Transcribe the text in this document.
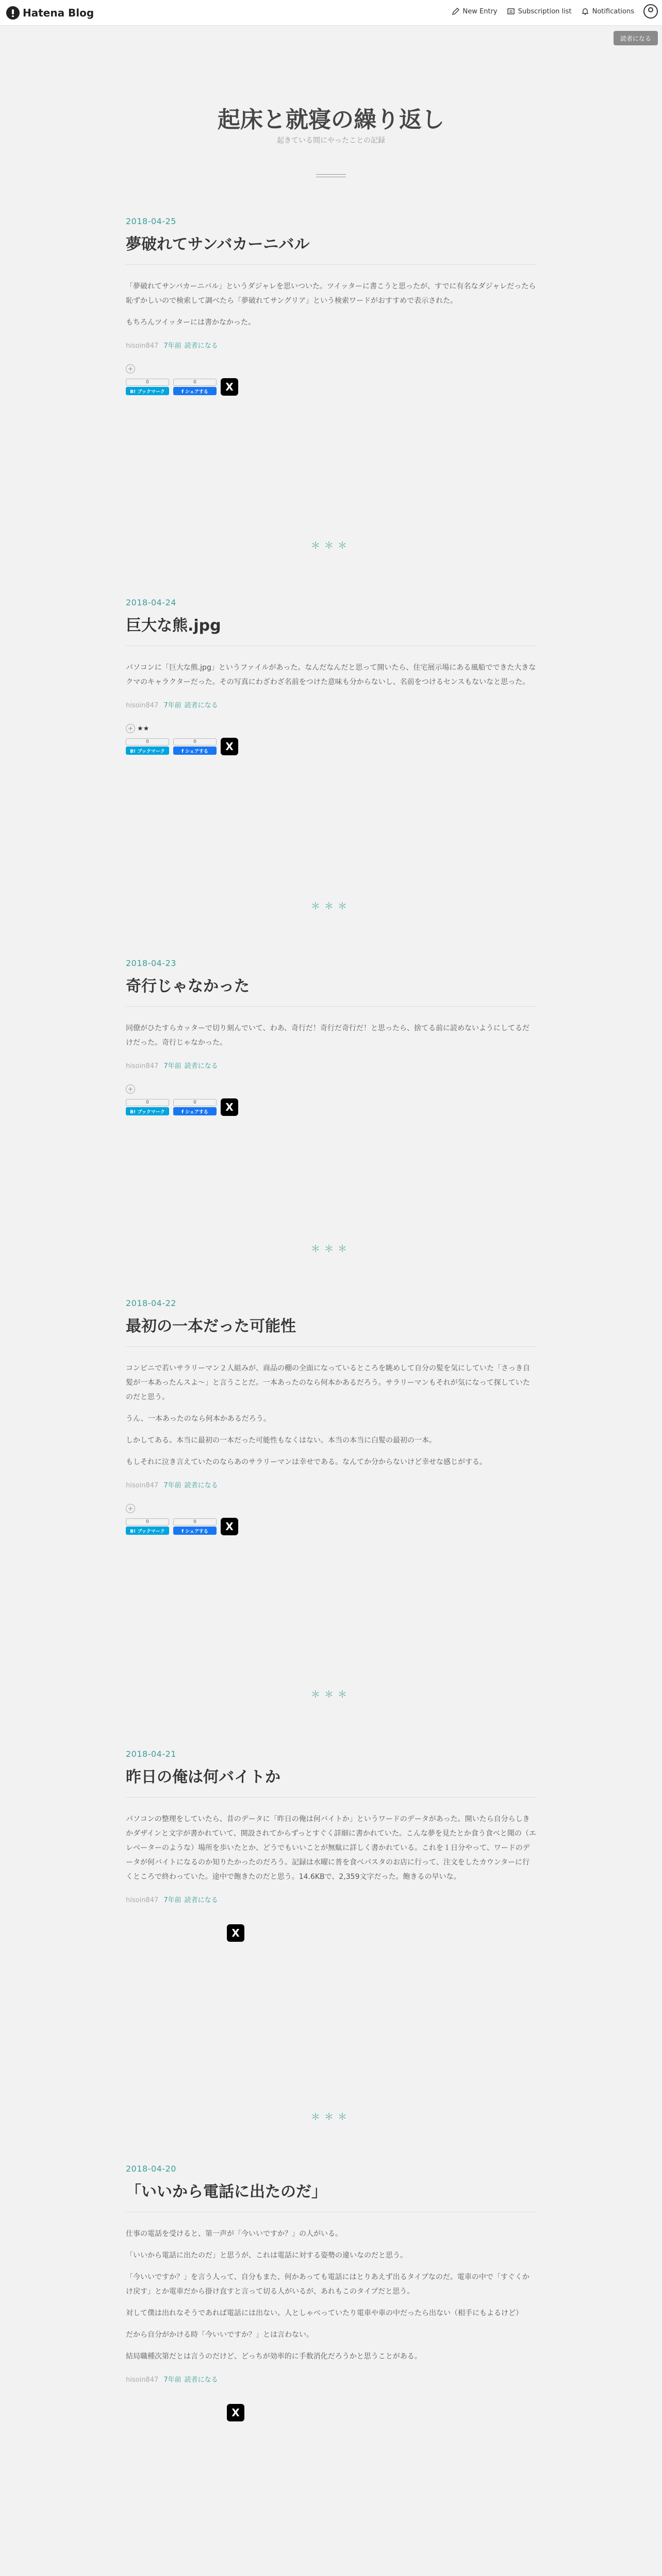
Hatena Blog	New Entry	Subscription list	Notifications
読者になる
起床と就寝の繰り返し
起きている間にやったことの記録
2018-04-25
夢破れてサンバカーニバル

「夢破れてサンバカーニバル」というダジャレを思いついた。ツイッターに書こうと思ったが、すでに有名なダジャレだったら恥ずかしいので検索して調べたら「夢破れてサングリア」という検索ワードがおすすめで表示された。

もちろんツイッターには書かなかった。

hisoin847 7年前 読者になる
+
0
B! ブックマーク
0
f シェアする	X
＊＊＊
2018-04-24
巨大な熊.jpg

パソコンに「巨大な熊.jpg」というファイルがあった。なんだなんだと思って開いたら、住宅展示場にある風船でできた大きなクマのキャラクターだった。その写真にわざわざ名前をつけた意味も分からないし、名前をつけるセンスもないなと思った。

hisoin847 7年前 読者になる
+ ★★
0
B! ブックマーク
0
f シェアする	X
＊＊＊
2018-04-23
奇行じゃなかった

同僚がひたすらカッターで切り刻んでいて、わあ、奇行だ！奇行だ奇行だ！と思ったら、捨てる前に読めないようにしてるだけだった。奇行じゃなかった。

hisoin847 7年前 読者になる
+
0
B! ブックマーク
0
f シェアする	X
＊＊＊
2018-04-22
最初の一本だった可能性

コンビニで若いサラリーマン２人組みが、商品の棚の全面になっているところを眺めして自分の髪を気にしていた「さっき自髪が一本あったんスよ～」と言うことだ。一本あったのなら何本かあるだろう。サラリーマンもそれが気になって探していたのだと思う。

うん、一本あったのなら何本かあるだろう。

しかしてある。本当に最初の一本だった可能性もなくはない。本当の本当に白髪の最初の一本。

もしそれに泣き言えていたのならあのサラリーマンは幸せである。なんてか分からないけど幸せな感じがする。

hisoin847 7年前 読者になる
+
0
B! ブックマーク
0
f シェアする	X
＊＊＊
2018-04-21
昨日の俺は何バイトか

パソコンの整理をしていたら、昔のデータに「昨日の俺は何バイトか」というワードのデータがあった。開いたら自分らしきかダザインと文字が書かれていて、開設されてからずっとすぐく詳細に書かれていた。こんな夢を見たとか食う食べと聞の（エレベーターのような）場所を歩いたとか、どうでもいいことが無駄に詳しく書かれている。これを１日分やって、ワードのデータが何バイトになるのか知りたかったのだろう。記録は水曜に普を食べパスタのお店に行って、注文をしたカウンターに行くところで終わっていた。途中で飽きたのだと思う。14.6KBで、2,359文字だった。飽きるの早いな。

hisoin847 7年前 読者になる
X
＊＊＊
2018-04-20
「いいから電話に出たのだ」

仕事の電話を受けると、第一声が「今いいですか？」の人がいる。

「いいから電話に出たのだ」と思うが、これは電話に対する姿勢の違いなのだと思う。

「今いいですか？」を言う人って、自分もまた、何かあっても電話にはとりあえず出るタイプなのだ。電車の中で「すぐくかけ戻す」とか電車だから掛け直すと言って切る人がいるが、あれもこのタイプだと思う。

対して僕は出れなそうであれば電話には出ない。人としゃべっていたり電車や車の中だったら出ない（相手にもよるけど）

だから自分がかける時「今いいですか？」とは言わない。

結局職種次第だとは言うのだけど、どっちが効率的に手数消化だろうかと思うことがある。

hisoin847 7年前 読者になる
X
